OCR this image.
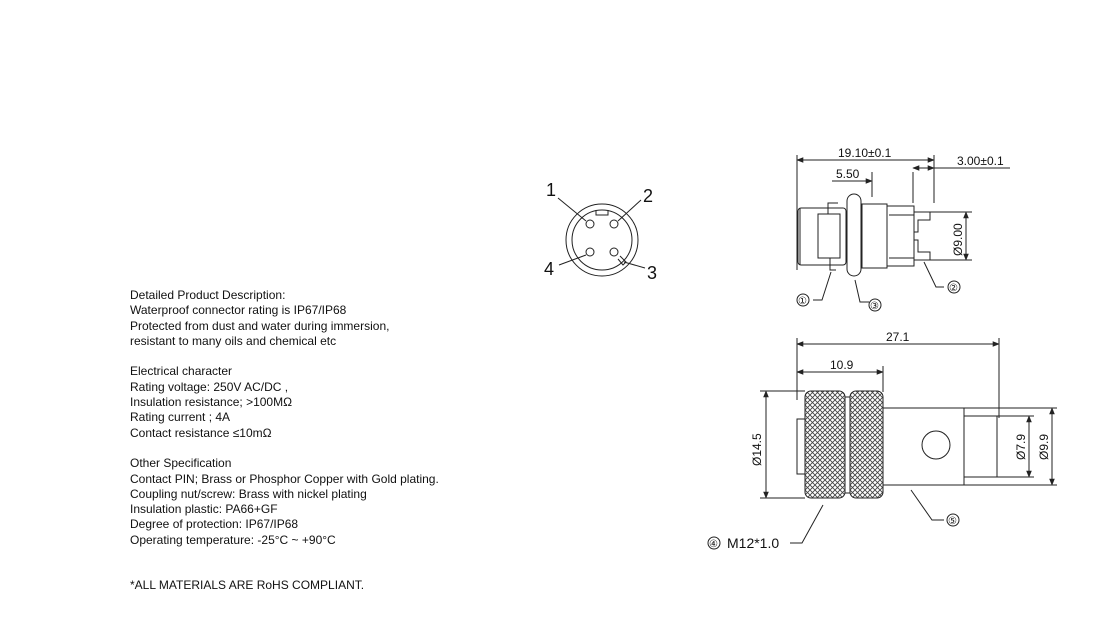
Detailed Product Description:
Waterproof connector rating is IP67/IP68
Protected from dust and water during immersion,
resistant to many oils and chemical etc
Electrical character
Rating voltage: 250V AC/DC ,
Insulation resistance; >100MΩ
Rating current ; 4A
Contact resistance ≤10mΩ
Other Specification
Contact PIN; Brass or Phosphor Copper with Gold plating.
Coupling nut/screw: Brass with nickel plating
Insulation plastic: PA66+GF
Degree of protection: IP67/IP68
Operating temperature: -25°C ~ +90°C
*ALL MATERIALS ARE RoHS COMPLIANT.
1	2
3
4
19.10±0.1
3.00±0.1
5.50
Ø9.00
①
②
③
27.1
10.9
Ø14.5	Ø7.9 Ø9.9
④ M12*1.0
⑤
